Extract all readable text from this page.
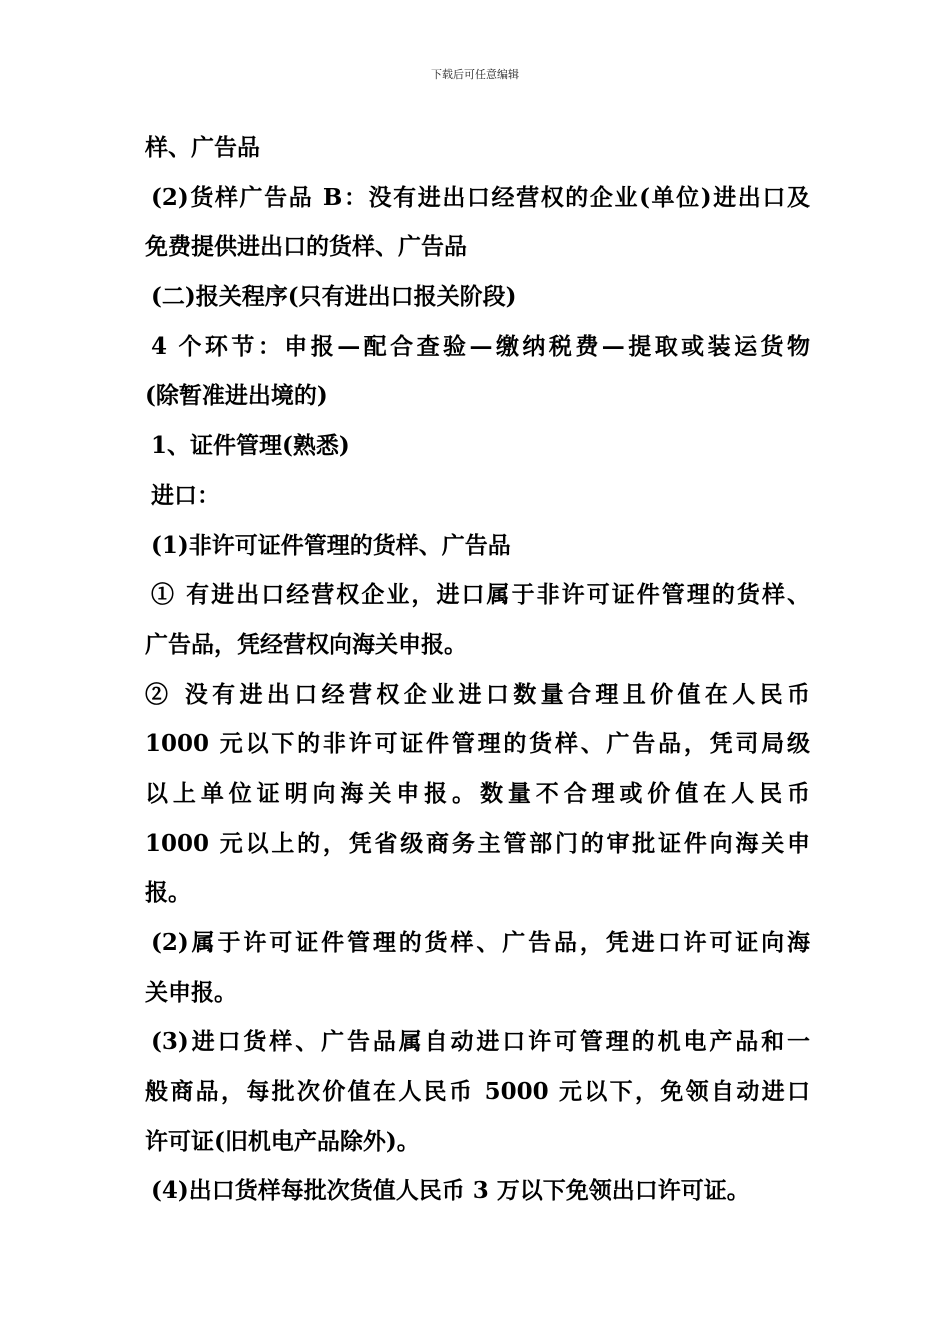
下载后可任意编辑
样、广告品
(2)货样广告品 B：没有进出口经营权的企业(单位)进出口及
免费提供进出口的货样、广告品
(二)报关程序(只有进出口报关阶段)
4 个环节：申报—配合查验—缴纳税费—提取或装运货物
(除暂准进出境的)
1、证件管理(熟悉)
进口：
(1)非许可证件管理的货样、广告品
① 有进出口经营权企业，进口属于非许可证件管理的货样、
广告品，凭经营权向海关申报。
② 没有进出口经营权企业进口数量合理且价值在人民币
1000 元以下的非许可证件管理的货样、广告品，凭司局级
以上单位证明向海关申报。数量不合理或价值在人民币
1000 元以上的，凭省级商务主管部门的审批证件向海关申
报。
(2)属于许可证件管理的货样、广告品，凭进口许可证向海
关申报。
(3)进口货样、广告品属自动进口许可管理的机电产品和一
般商品，每批次价值在人民币 5000 元以下，免领自动进口
许可证(旧机电产品除外)。
(4)出口货样每批次货值人民币 3 万以下免领出口许可证。
